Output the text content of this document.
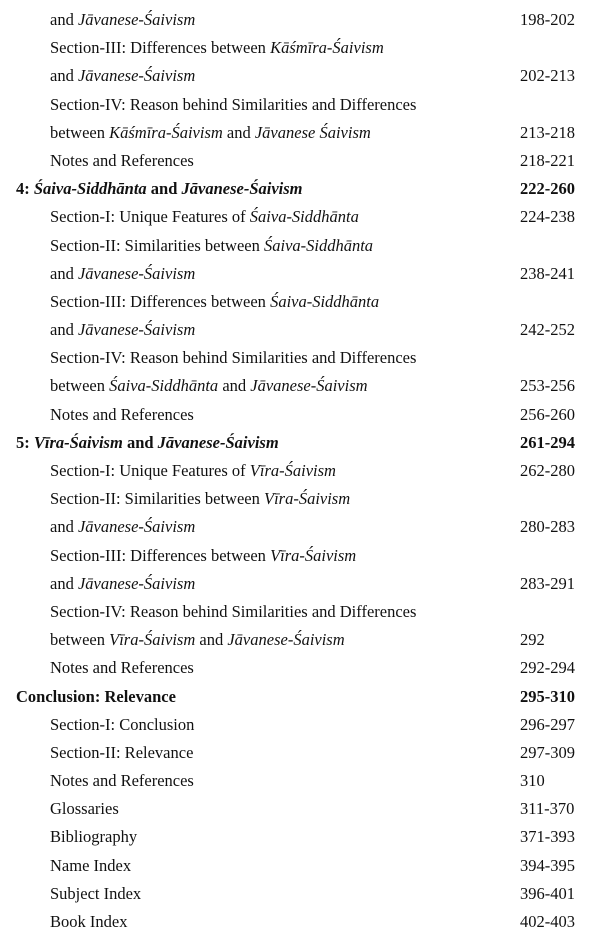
and Jāvanese-Śaivism	198-202
Section-III: Differences between Kāśmīra-Śaivism
and Jāvanese-Śaivism	202-213
Section-IV: Reason behind Similarities and Differences
between Kāśmīra-Śaivism and Jāvanese Śaivism	213-218
Notes and References	218-221
4: Śaiva-Siddhānta and Jāvanese-Śaivism	222-260
Section-I: Unique Features of Śaiva-Siddhānta	224-238
Section-II: Similarities between Śaiva-Siddhānta
and Jāvanese-Śaivism	238-241
Section-III: Differences between Śaiva-Siddhānta
and Jāvanese-Śaivism	242-252
Section-IV: Reason behind Similarities and Differences
between Śaiva-Siddhānta and Jāvanese-Śaivism	253-256
Notes and References	256-260
5: Vīra-Śaivism and Jāvanese-Śaivism	261-294
Section-I: Unique Features of Vīra-Śaivism	262-280
Section-II: Similarities between Vīra-Śaivism
and Jāvanese-Śaivism	280-283
Section-III: Differences between Vīra-Śaivism
and Jāvanese-Śaivism	283-291
Section-IV: Reason behind Similarities and Differences
between Vīra-Śaivism and Jāvanese-Śaivism	292
Notes and References	292-294
Conclusion: Relevance	295-310
Section-I: Conclusion	296-297
Section-II: Relevance	297-309
Notes and References	310
Glossaries	311-370
Bibliography	371-393
Name Index	394-395
Subject Index	396-401
Book Index	402-403
